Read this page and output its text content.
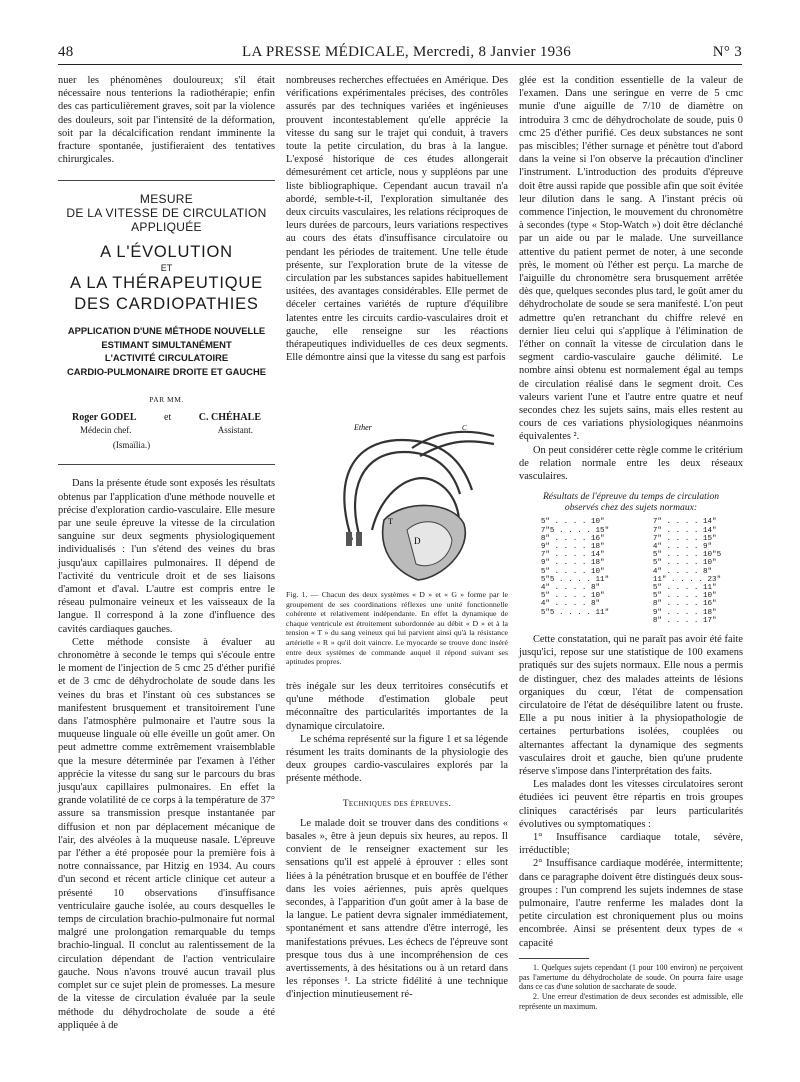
48	LA PRESSE MÉDICALE, Mercredi, 8 Janvier 1936	N° 3

nuer les phénomènes douloureux; s'il était nécessaire nous tenterions la radiothérapie; enfin des cas particulièrement graves, soit par la violence des douleurs, soit par l'intensité de la déformation, soit par la décalcification rendant imminente la fracture spontanée, justifieraient des tentatives chirurgicales.

MESURE
DE LA VITESSE DE CIRCULATION
APPLIQUÉE
A L'ÉVOLUTION
ET
A LA THÉRAPEUTIQUE
DES CARDIOPATHIES
APPLICATION D'UNE MÉTHODE NOUVELLE
ESTIMANT SIMULTANÉMENT
L'ACTIVITÉ CIRCULATOIRE
CARDIO-PULMONAIRE DROITE ET GAUCHE
PAR MM.
Roger GODEL	et	C. CHÉHALE
Médecin chef.	Assistant.
(Ismaïlia.)

Dans la présente étude sont exposés les résultats obtenus par l'application d'une méthode nouvelle et précise d'exploration cardio-vasculaire. Elle mesure par une seule épreuve la vitesse de la circulation sanguine sur deux segments physiologiquement individualisés : l'un s'étend des veines du bras jusqu'aux capillaires pulmonaires. Il dépend de l'activité du ventricule droit et de ses liaisons d'amont et d'aval. L'autre est compris entre le réseau pulmonaire veineux et les vaisseaux de la langue. Il correspond à la zone d'influence des cavités cardiaques gauches.

Cette méthode consiste à évaluer au chronomètre à seconde le temps qui s'écoule entre le moment de l'injection de 5 cmc 25 d'éther purifié et de 3 cmc de déhydrocholate de soude dans les veines du bras et l'instant où ces substances se manifestent brusquement et transitoirement l'une dans l'atmosphère pulmonaire et l'autre sous la muqueuse linguale où elle éveille un goût amer. On peut admettre comme extrêmement vraisemblable que la mesure déterminée par l'examen à l'éther apprécie la vitesse du sang sur le parcours du bras jusqu'aux capillaires pulmonaires. En effet la grande volatilité de ce corps à la température de 37° assure sa transmission presque instantanée par diffusion et non par déplacement mécanique de l'air, des alvéoles à la muqueuse nasale. L'épreuve par l'éther a été proposée pour la première fois à notre connaissance, par Hitzig en 1934. Au cours d'un second et récent article clinique cet auteur a présenté 10 observations d'insuffisance ventriculaire gauche isolée, au cours desquelles le temps de circulation brachio-pulmonaire fut normal malgré une prolongation remarquable du temps brachio-lingual. Il conclut au ralentissement de la circulation dépendant de l'action ventriculaire gauche. Nous n'avons trouvé aucun travail plus complet sur ce sujet plein de promesses. La mesure de la vitesse de circulation évaluée par la seule méthode du déhydrocholate de soude a été appliquée à de

nombreuses recherches effectuées en Amérique. Des vérifications expérimentales précises, des contrôles assurés par des techniques variées et ingénieuses prouvent incontestablement qu'elle apprécie la vitesse du sang sur le trajet qui conduit, à travers toute la petite circulation, du bras à la langue. L'exposé historique de ces études allongerait démesurément cet article, nous y suppléons par une liste bibliographique. Cependant aucun travail n'a abordé, semble-t-il, l'exploration simultanée des deux circuits vasculaires, les relations réciproques de leurs durées de parcours, leurs variations respectives au cours des états d'insuffisance circulatoire ou pendant les périodes de traitement. Une telle étude présente, sur l'exploration brute de la vitesse de circulation par les substances sapides habituellement usitées, des avantages considérables. Elle permet de déceler certaines variétés de rupture d'équilibre latentes entre les circuits cardio-vasculaires droit et gauche, elle renseigne sur les réactions thérapeutiques individuelles de ces deux segments. Elle démontre ainsi que la vitesse du sang est parfois

Ether	C
D
T
Fig. 1. — Chacun des deux systèmes « D » et « G » forme par le groupement de ses coordinations réflexes une unité fonctionnelle cohérente et relativement indépendante. En effet la dynamique de chaque ventricule est étroitement subordonnée au débit « D » et à la tension « T » du sang veineux qui lui parvient ainsi qu'à la résistance artérielle « R » qu'il doit vaincre. Le myocarde se trouve donc inséré entre deux systèmes de commande auquel il répond suivant ses aptitudes propres.

très inégale sur les deux territoires consécutifs et qu'une méthode d'estimation globale peut méconnaître des particularités importantes de la dynamique circulatoire.

Le schéma représenté sur la figure 1 et sa légende résument les traits dominants de la physiologie des deux groupes cardio-vasculaires explorés par la présente méthode.

Techniques des épreuves.

Le malade doit se trouver dans des conditions « basales », être à jeun depuis six heures, au repos. Il convient de le renseigner exactement sur les sensations qu'il est appelé à éprouver : elles sont liées à la pénétration brusque et en bouffée de l'éther dans les voies aériennes, puis après quelques secondes, à l'apparition d'un goût amer à la base de la langue. Le patient devra signaler immédiatement, spontanément et sans attendre d'être interrogé, les manifestations prévues. Les échecs de l'épreuve sont presque tous dus à une incompréhension de ces avertissements, à des hésitations ou à un retard dans les réponses ¹. La stricte fidélité à une technique d'injection minutieusement ré-

glée est la condition essentielle de la valeur de l'examen. Dans une seringue en verre de 5 cmc munie d'une aiguille de 7/10 de diamètre on introduira 3 cmc de déhydrocholate de soude, puis 0 cmc 25 d'éther purifié. Ces deux substances ne sont pas miscibles; l'éther surnage et pénètre tout d'abord dans la veine si l'on observe la précaution d'incliner l'instrument. L'introduction des produits d'épreuve doit être aussi rapide que possible afin que soit évitée leur dilution dans le sang. A l'instant précis où commence l'injection, le mouvement du chronomètre à secondes (type « Stop-Watch ») doit être déclanché par un aide ou par le malade. Une surveillance attentive du patient permet de noter, à une seconde près, le moment où l'éther est perçu. La marche de l'aiguille du chronomètre sera brusquement arrêtée dès que, quelques secondes plus tard, le goût amer du déhydrocholate de soude se sera manifesté. L'on peut admettre qu'en retranchant du chiffre relevé en dernier lieu celui qui s'applique à l'élimination de l'éther on connaît la vitesse de circulation dans le segment cardio-vasculaire gauche délimité. Le nombre ainsi obtenu est normalement égal au temps de circulation réalisé dans le segment droit. Ces valeurs varient l'une et l'autre entre quatre et neuf secondes chez les sujets sains, mais elles restent au cours de ces variations physiologiques néanmoins équivalentes ².

On peut considérer cette règle comme le critérium de relation normale entre les deux réseaux vasculaires.

Résultats de l'épreuve du temps de circulation
observés chez des sujets normaux:
5″ . . . . 10″
7″5 . . . . 15″
8″ . . . . 16″
9″ . . . . 18″
7″ . . . . 14″
9″ . . . . 18″
5″ . . . . 10″
5″5 . . . . 11″
4″ . . . . 8″
5″ . . . . 10″
4″ . . . . 8″
5″5 . . . . 11″
7″ . . . . 14″
7″ . . . . 14″
7″ . . . . 15″
4″ . . . . 9″
5″ . . . . 10″5
5″ . . . . 10″
4″ . . . . 8″
11″ . . . . 23″
5″ . . . . 11″
5″ . . . . 10″
8″ . . . . 16″
9″ . . . . 18″
8″ . . . . 17″

Cette constatation, qui ne paraît pas avoir été faite jusqu'ici, repose sur une statistique de 100 examens pratiqués sur des sujets normaux. Elle nous a permis de distinguer, chez des malades atteints de lésions organiques du cœur, l'état de compensation circulatoire de l'état de déséquilibre latent ou fruste. Elle a pu nous initier à la physiopathologie de certaines perturbations isolées, couplées ou alternantes affectant la dynamique des segments vasculaires droit et gauche, bien qu'une prudente réserve s'impose dans l'interprétation des faits.

Les malades dont les vitesses circulatoires seront étudiées ici peuvent être répartis en trois groupes cliniques caractérisés par leurs particularités évolutives ou symptomatiques :

1° Insuffisance cardiaque totale, sévère, irréductible;

2° Insuffisance cardiaque modérée, intermittente; dans ce paragraphe doivent être distingués deux sous-groupes : l'un comprend les sujets indemnes de stase pulmonaire, l'autre renferme les malades dont la petite circulation est chroniquement plus ou moins encombrée. Ainsi se présentent deux types de « capacité

1. Quelques sujets cependant (1 pour 100 environ) ne perçoivent pas l'amertume du déhydrocholate de soude. On pourra faire usage dans ce cas d'une solution de saccharate de soude.

2. Une erreur d'estimation de deux secondes est admissible, elle représente un maximum.
